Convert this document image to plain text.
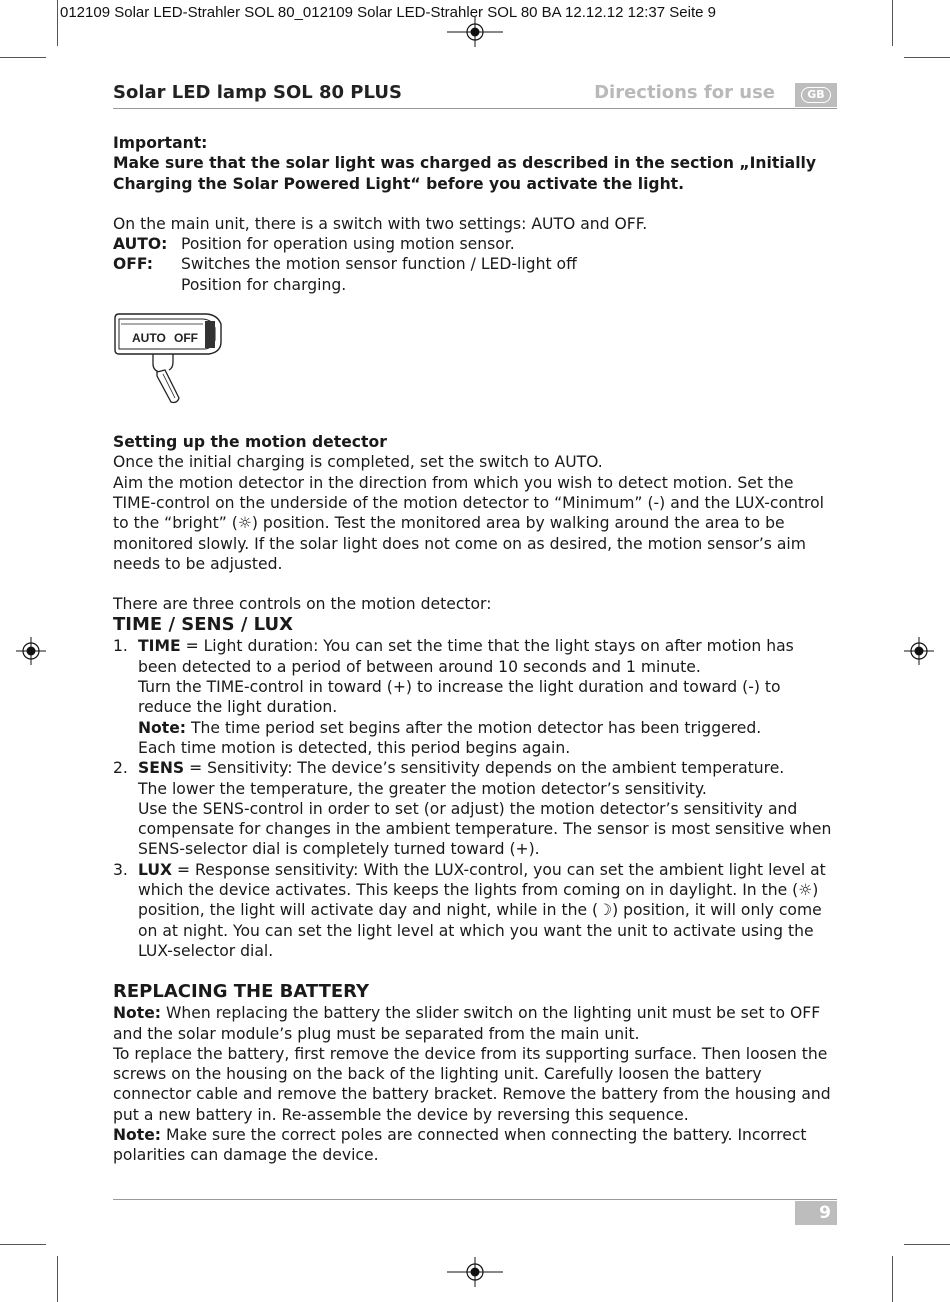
012109 Solar LED-Strahler SOL 80_012109 Solar LED-Strahler SOL 80 BA 12.12.12 12:37 Seite 9
Solar LED lamp SOL 80 PLUS	Directions for use	GB

Important:

Make sure that the solar light was charged as described in the section „Initially Charging the Solar Powered Light“ before you activate the light.

On the main unit, there is a switch with two settings: AUTO and OFF.

AUTO: Position for operation using motion sensor.
OFF:	Switches the motion sensor function / LED-light off
Position for charging.
AUTO OFF

Setting up the motion detector

Once the initial charging is completed, set the switch to AUTO.

Aim the motion detector in the direction from which you wish to detect motion. Set the TIME-control on the underside of the motion detector to “Minimum” (-) and the LUX-control to the “bright” (☼) position. Test the monitored area by walking around the area to be monitored slowly. If the solar light does not come on as desired, the motion sensor’s aim needs to be adjusted.

There are three controls on the motion detector:

TIME / SENS / LUX

1. TIME = Light duration: You can set the time that the light stays on after motion has been detected to a period of between around 10 seconds and 1 minute.

Turn the TIME-control in toward (+) to increase the light duration and toward (-) to reduce the light duration.

Note: The time period set begins after the motion detector has been triggered.

Each time motion is detected, this period begins again.

2. SENS = Sensitivity: The device’s sensitivity depends on the ambient temperature.

The lower the temperature, the greater the motion detector’s sensitivity.

Use the SENS-control in order to set (or adjust) the motion detector’s sensitivity and compensate for changes in the ambient temperature. The sensor is most sensitive when SENS-selector dial is completely turned toward (+).

3. LUX = Response sensitivity: With the LUX-control, you can set the ambient light level at which the device activates. This keeps the lights from coming on in daylight. In the (☼) position, the light will activate day and night, while in the (☽) position, it will only come on at night. You can set the light level at which you want the unit to activate using the LUX-selector dial.

REPLACING THE BATTERY

Note: When replacing the battery the slider switch on the lighting unit must be set to OFF and the solar module’s plug must be separated from the main unit.

To replace the battery, first remove the device from its supporting surface. Then loosen the screws on the housing on the back of the lighting unit. Carefully loosen the battery connector cable and remove the battery bracket. Remove the battery from the housing and put a new battery in. Re-assemble the device by reversing this sequence.

Note: Make sure the correct poles are connected when connecting the battery. Incorrect polarities can damage the device.

9
